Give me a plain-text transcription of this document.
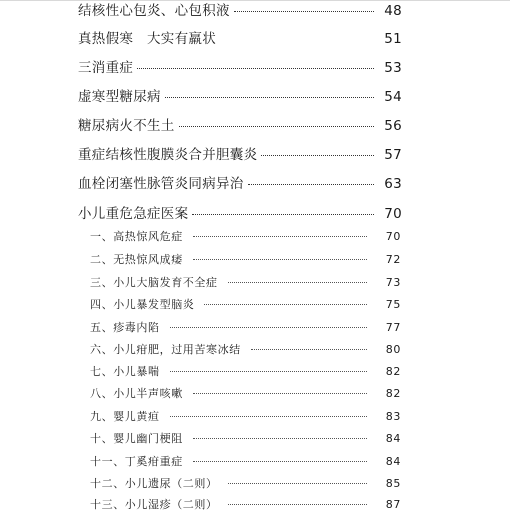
结核性心包炎、心包积液	48
真热假寒　大实有羸状	51
三消重症	53
虚寒型糖尿病	54
糖尿病火不生土	56
重症结核性腹膜炎合并胆囊炎	57
血栓闭塞性脉管炎同病异治	63
小儿重危急症医案	70
一、高热惊风危症	70
二、无热惊风成痿	72
三、小儿大脑发育不全症	73
四、小儿暴发型脑炎	75
五、疹毒内陷	77
六、小儿疳肥，过用苦寒冰结	80
七、小儿暴喘	82
八、小儿半声咳嗽	82
九、婴儿黄疸	83
十、婴儿幽门梗阻	84
十一、丁奚疳重症	84
十二、小儿遗尿（二则）	85
十三、小儿湿疹（二则）	87
